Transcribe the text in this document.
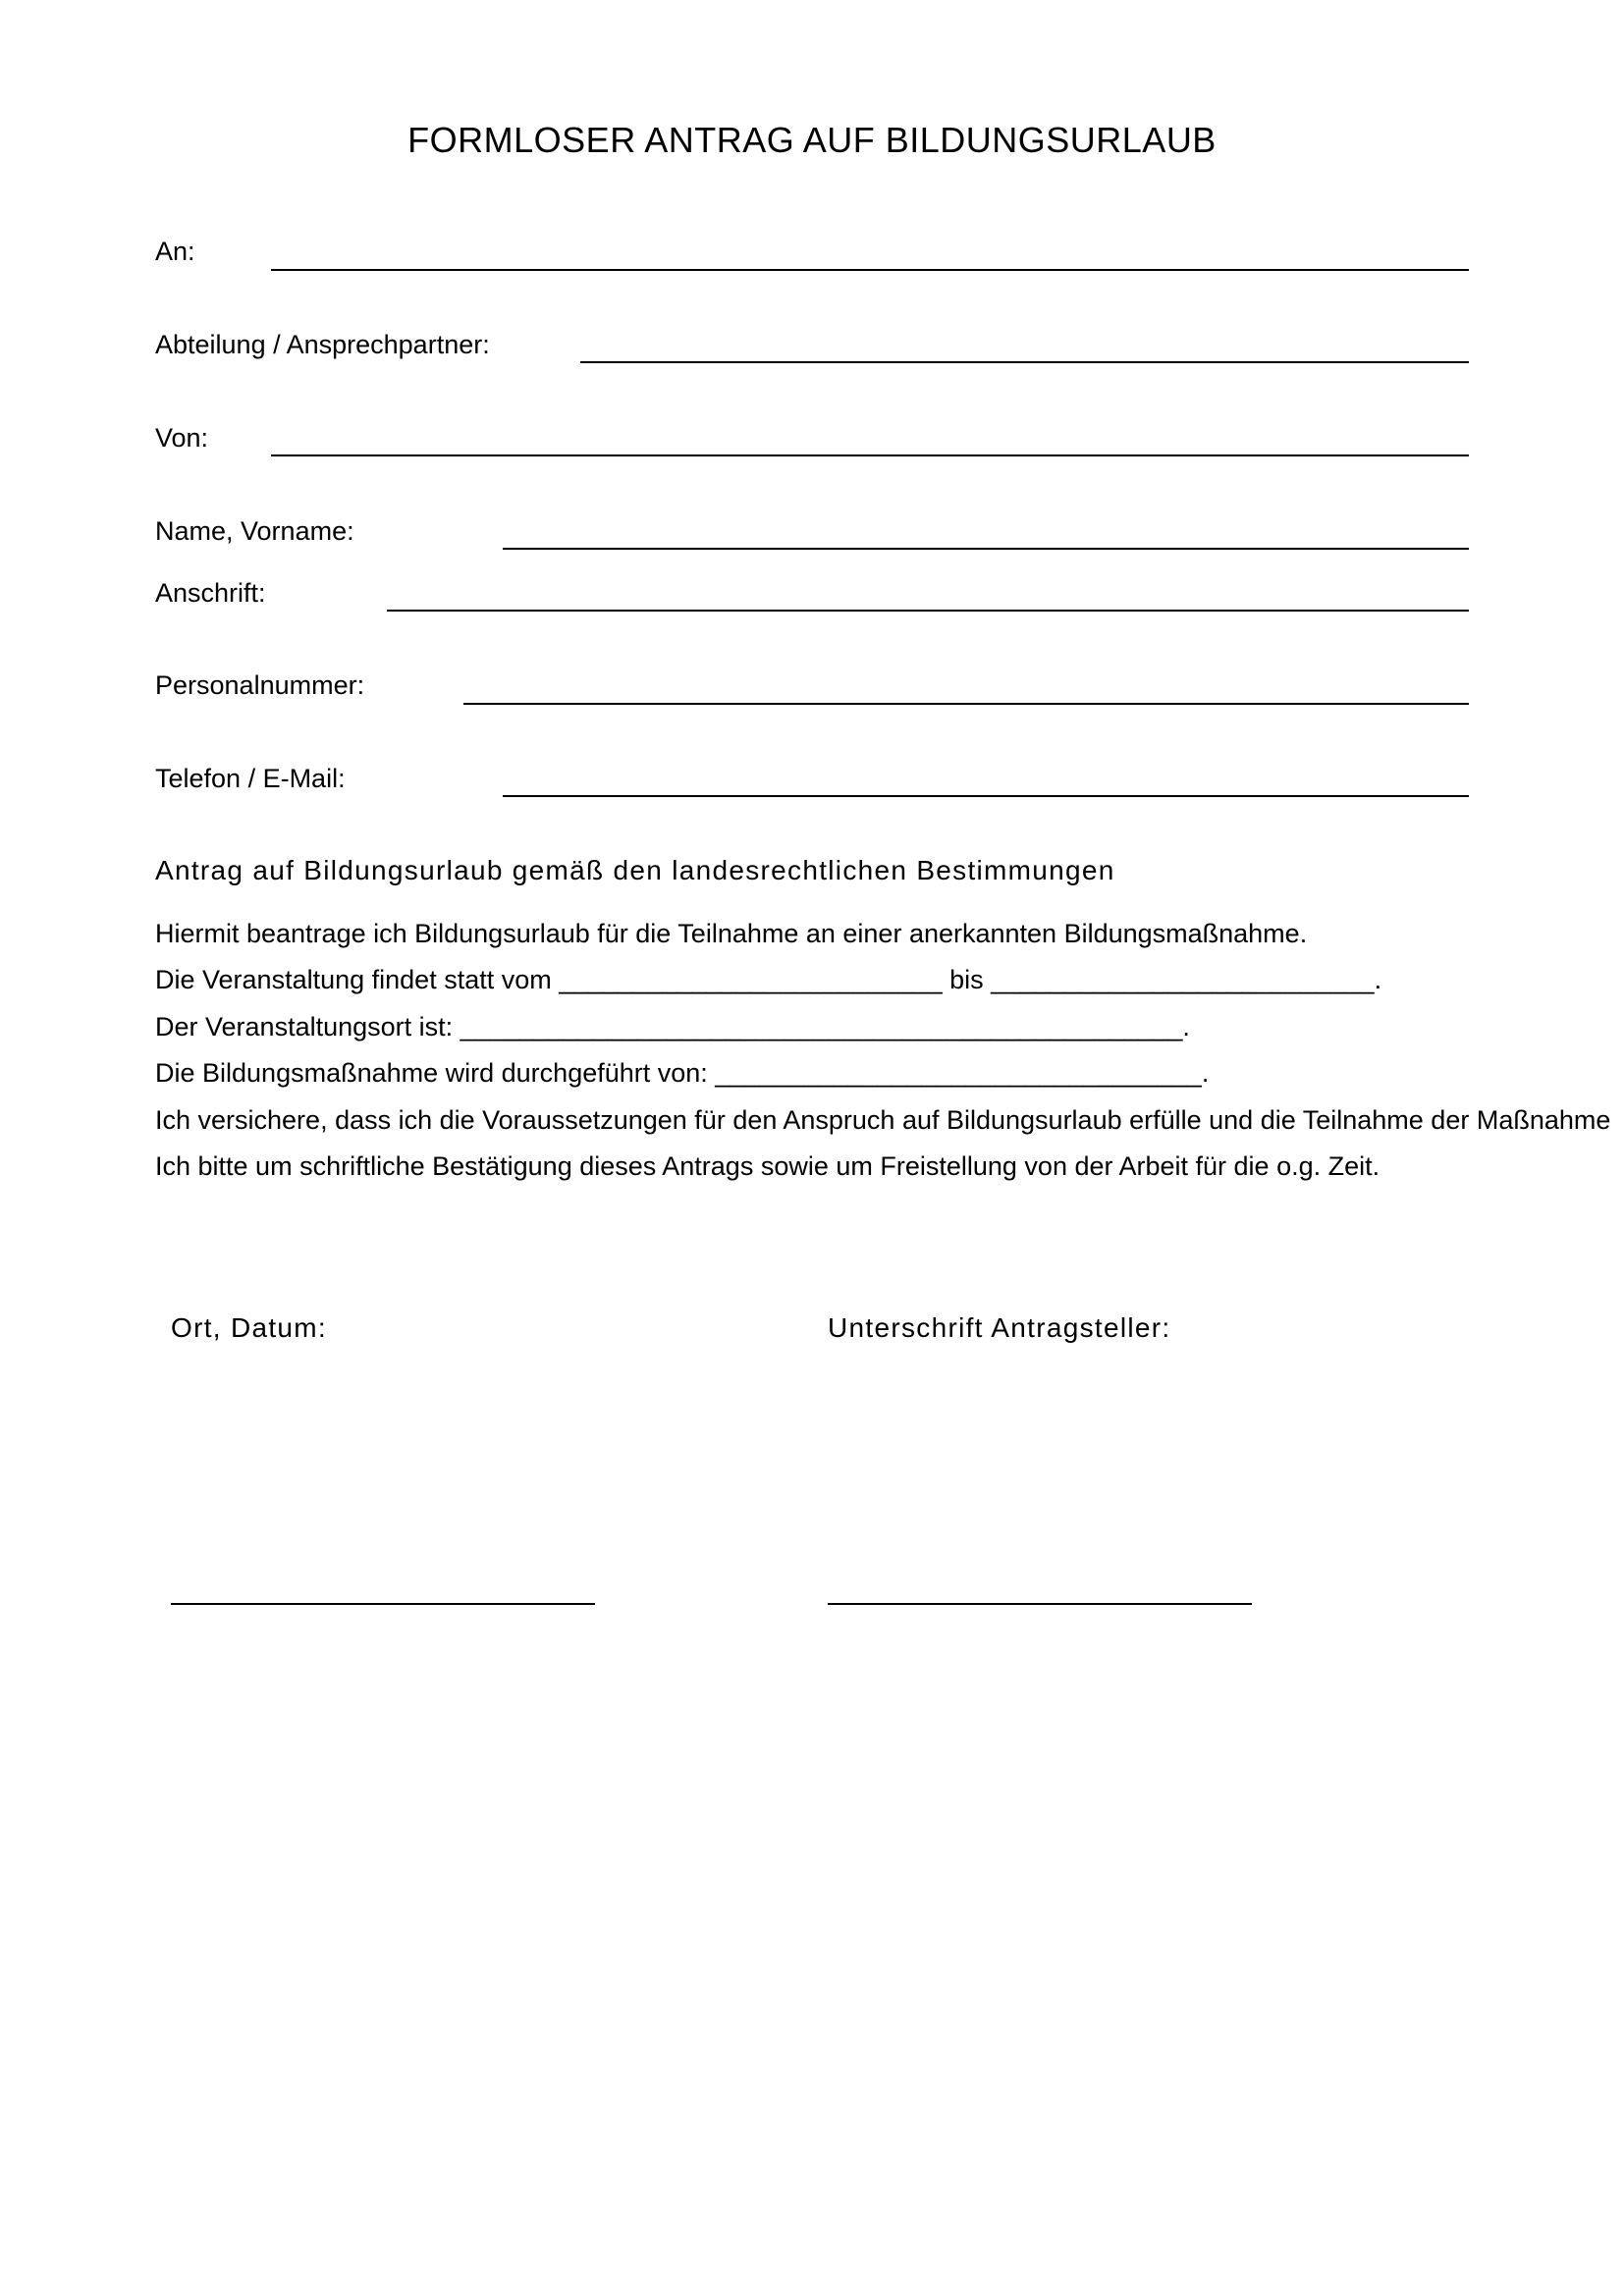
FORMLOSER ANTRAG AUF BILDUNGSURLAUB
An:
Abteilung / Ansprechpartner:
Von:
Name, Vorname:
Anschrift:
Personalnummer:
Telefon / E-Mail:
Antrag auf Bildungsurlaub gemäß den landesrechtlichen Bestimmungen
Hiermit beantrage ich Bildungsurlaub für die Teilnahme an einer anerkannten Bildungsmaßnahme.
Die Veranstaltung findet statt vom __________________________ bis __________________________.
Der Veranstaltungsort ist: _________________________________________________.
Die Bildungsmaßnahme wird durchgeführt von: _________________________________.
Ich versichere, dass ich die Voraussetzungen für den Anspruch auf Bildungsurlaub erfülle und die Teilnahme der Maßnahme
Ich bitte um schriftliche Bestätigung dieses Antrags sowie um Freistellung von der Arbeit für die o.g. Zeit.
Ort, Datum:	Unterschrift Antragsteller:
